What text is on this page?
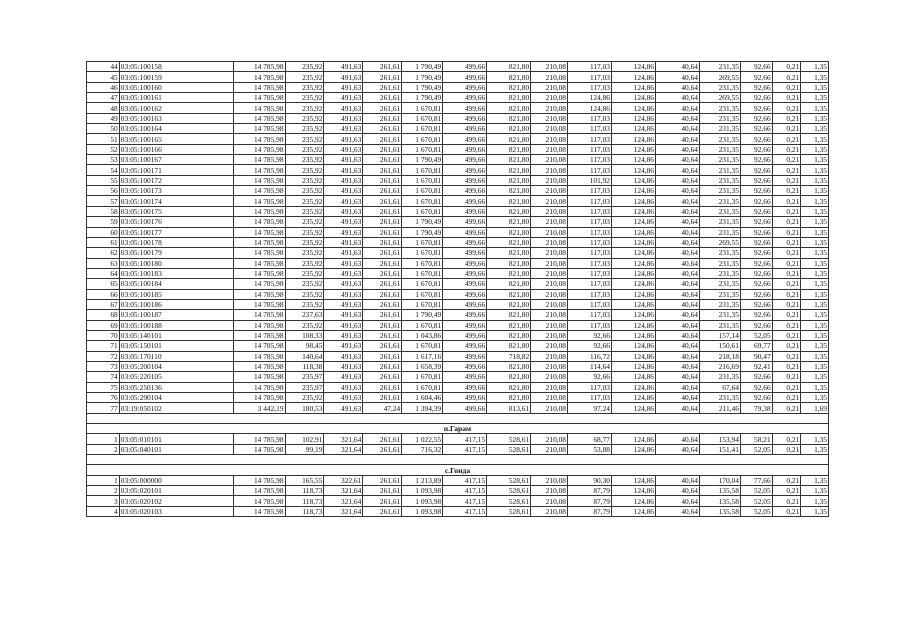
44	03:05:100158	14 785,98	235,92	491,63	261,61	1 790,49	499,66	821,80	210,08	117,03	124,86	40,64	231,35	92,66	0,21	1,35
45	03:05:100159	14 785,98	235,92	491,63	261,61	1 790,49	499,66	821,80	210,08	117,03	124,86	40,64	269,55	92,66	0,21	1,35
46	03:05:100160	14 785,98	235,92	491,63	261,61	1 790,49	499,66	821,80	210,08	117,03	124,86	40,64	231,35	92,66	0,21	1,35
47	03:05:100161	14 785,98	235,92	491,63	261,61	1 790,49	499,66	821,80	210,08	124,86	124,86	40,64	269,55	92,66	0,21	1,35
48	03:05:100162	14 785,98	235,92	491,63	261,61	1 670,81	499,66	821,80	210,08	124,86	124,86	40,64	231,35	92,66	0,21	1,35
49	03:05:100163	14 785,98	235,92	491,63	261,61	1 670,81	499,66	821,80	210,08	117,03	124,86	40,64	231,35	92,66	0,21	1,35
50	03:05:100164	14 785,98	235,92	491,63	261,61	1 670,81	499,66	821,80	210,08	117,03	124,86	40,64	231,35	92,66	0,21	1,35
51	03:05:100165	14 785,98	235,92	491,63	261,61	1 670,81	499,66	821,80	210,08	117,03	124,86	40,64	231,35	92,66	0,21	1,35
52	03:05:100166	14 785,98	235,92	491,63	261,61	1 670,81	499,66	821,80	210,08	117,03	124,86	40,64	231,35	92,66	0,21	1,35
53	03:05:100167	14 785,98	235,92	491,63	261,61	1 790,49	499,66	821,80	210,08	117,03	124,86	40,64	231,35	92,66	0,21	1,35
54	03:05:100171	14 785,98	235,92	491,63	261,61	1 670,81	499,66	821,80	210,08	117,03	124,86	40,64	231,35	92,66	0,21	1,35
55	03:05:100172	14 785,98	235,92	491,63	261,61	1 670,81	499,66	821,80	210,08	101,92	124,86	40,64	231,35	92,66	0,21	1,35
56	03:05:100173	14 785,98	235,92	491,63	261,61	1 670,81	499,66	821,80	210,08	117,03	124,86	40,64	231,35	92,66	0,21	1,35
57	03:05:100174	14 785,98	235,92	491,63	261,61	1 670,81	499,66	821,80	210,08	117,03	124,86	40,64	231,35	92,66	0,21	1,35
58	03:05:100175	14 785,98	235,92	491,63	261,61	1 670,81	499,66	821,80	210,08	117,03	124,86	40,64	231,35	92,66	0,21	1,35
59	03:05:100176	14 785,98	235,92	491,63	261,61	1 790,49	499,66	821,80	210,08	117,03	124,86	40,64	231,35	92,66	0,21	1,35
60	03:05:100177	14 785,98	235,92	491,63	261,61	1 790,49	499,66	821,80	210,08	117,03	124,86	40,64	231,35	92,66	0,21	1,35
61	03:05:100178	14 785,98	235,92	491,63	261,61	1 670,81	499,66	821,80	210,08	117,03	124,86	40,64	269,55	92,66	0,21	1,35
62	03:05:100179	14 785,98	235,92	491,63	261,61	1 670,81	499,66	821,80	210,08	117,03	124,86	40,64	231,35	92,66	0,21	1,35
63	03:05:100180	14 785,98	235,92	491,63	261,61	1 670,81	499,66	821,80	210,08	117,03	124,86	40,64	231,35	92,66	0,21	1,35
64	03:05:100183	14 785,98	235,92	491,63	261,61	1 670,81	499,66	821,80	210,08	117,03	124,86	40,64	231,35	92,66	0,21	1,35
65	03:05:100184	14 785,98	235,92	491,63	261,61	1 670,81	499,66	821,80	210,08	117,03	124,86	40,64	231,35	92,66	0,21	1,35
66	03:05:100185	14 785,98	235,92	491,63	261,61	1 670,81	499,66	821,80	210,08	117,03	124,86	40,64	231,35	92,66	0,21	1,35
67	03:05:100186	14 785,98	235,92	491,63	261,61	1 670,81	499,66	821,80	210,08	117,03	124,86	40,64	231,35	92,66	0,21	1,35
68	03:05:100187	14 785,98	237,63	491,63	261,61	1 790,49	499,66	821,80	210,08	117,03	124,86	40,64	231,35	92,66	0,21	1,35
69	03:05:100188	14 785,98	235,92	491,63	261,61	1 670,81	499,66	821,80	210,08	117,03	124,86	40,64	231,35	92,66	0,21	1,35
70	03:05:140101	14 785,98	108,33	491,63	261,61	1 043,86	499,66	821,80	210,08	92,66	124,86	40,64	157,14	52,05	0,21	1,35
71	03:05:150101	14 785,98	98,45	491,63	261,61	1 670,81	499,66	821,80	210,08	92,66	124,86	40,64	150,61	69,77	0,21	1,35
72	03:05:170110	14 785,98	140,64	491,63	261,61	1 617,16	499,66	718,82	210,08	116,72	124,86	40,64	218,18	90,47	0,21	1,35
73	03:05:200104	14 785,98	118,38	491,63	261,61	1 658,39	499,66	821,80	210,08	114,64	124,86	40,64	216,69	92,41	0,21	1,35
74	03:05:220105	14 785,98	235,97	491,63	261,61	1 670,81	499,66	821,80	210,08	92,66	124,86	40,64	231,35	92,66	0,21	1,35
75	03:05:250136	14 785,98	235,97	491,63	261,61	1 670,81	499,66	821,80	210,08	117,03	124,86	40,64	67,64	92,66	0,21	1,35
76	03:05:290104	14 785,98	235,92	491,63	261,61	1 604,46	499,66	821,80	210,08	117,03	124,86	40,64	231,35	92,66	0,21	1,35
77	03:19:050102	3 442,19	180,53	491,63	47,24	1 394,39	499,66	813,61	210,08	97,24	124,86	40,64	211,46	79,38	0,21	1,69

п.Гарам																
1	03:05:010101	14 785,98	102,91	321,64	261,61	1 022,55	417,15	528,61	210,08	68,77	124,86	40,64	153,94	58,21	0,21	1,35
2	03:05:040101	14 785,98	99,19	321,64	261,61	716,32	417,15	528,61	210,08	53,88	124,86	40,64	151,41	52,05	0,21	1,35

с.Гонда																
1	03:05:000000	14 785,98	165,55	322,61	261,61	1 213,89	417,15	528,61	210,08	90,30	124,86	40,64	170,04	77,66	0,21	1,35
2	03:05:020101	14 785,98	118,73	321,64	261,61	1 093,98	417,15	528,61	210,08	87,79	124,86	40,64	135,58	52,05	0,21	1,35
3	03:05:020102	14 785,98	118,73	321,64	261,61	1 093,98	417,15	528,61	210,08	87,79	124,86	40,64	135,58	52,05	0,21	1,35
4	03:05:020103	14 785,98	118,73	321,64	261,61	1 093,98	417,15	528,61	210,08	87,79	124,86	40,64	135,58	52,05	0,21	1,35
